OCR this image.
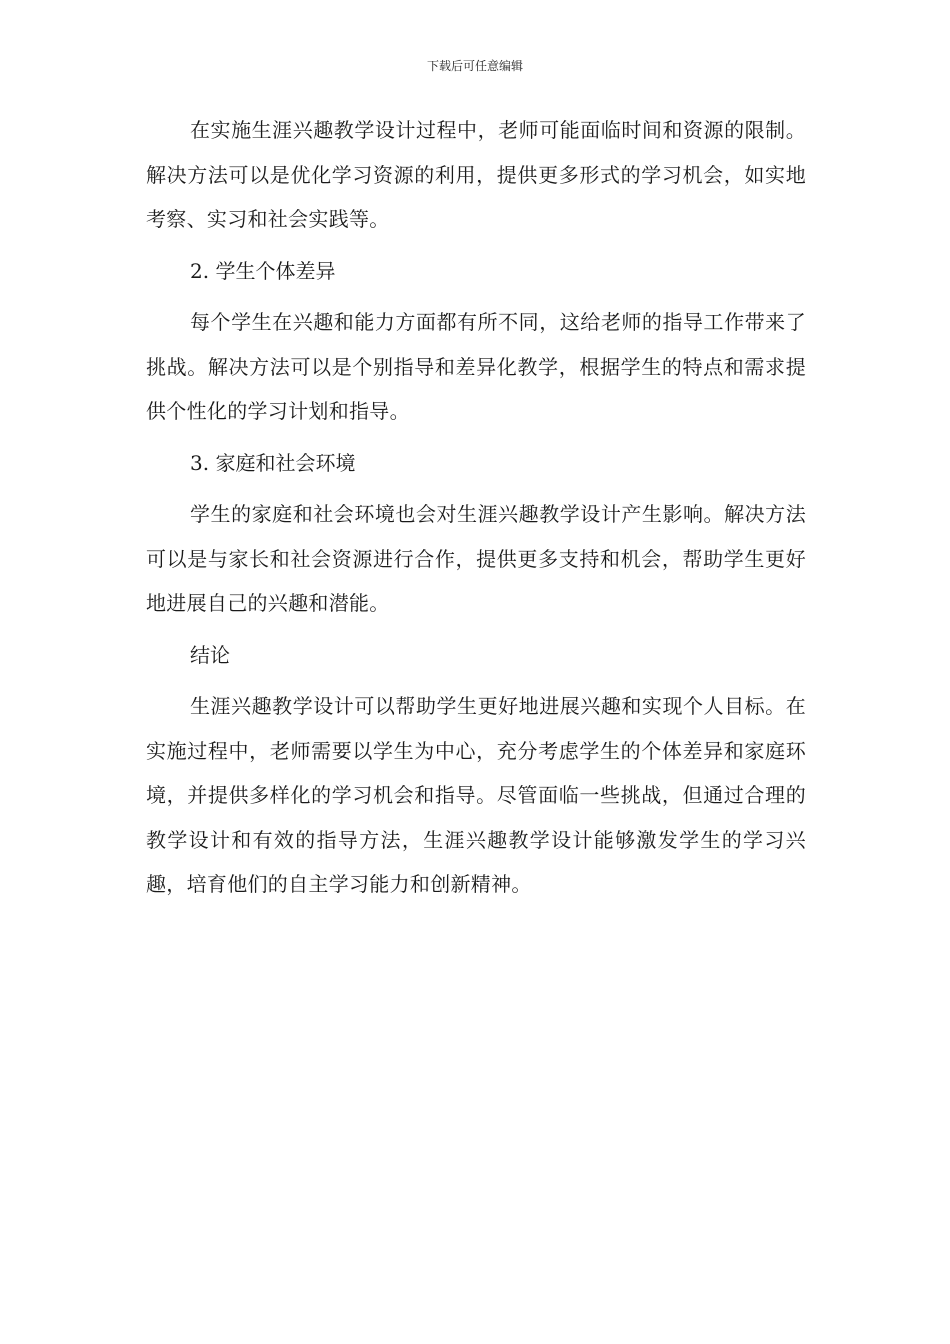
下载后可任意编辑

在实施生涯兴趣教学设计过程中，老师可能面临时间和资源的限制。解决方法可以是优化学习资源的利用，提供更多形式的学习机会，如实地考察、实习和社会实践等。

2. 学生个体差异

每个学生在兴趣和能力方面都有所不同，这给老师的指导工作带来了挑战。解决方法可以是个别指导和差异化教学，根据学生的特点和需求提供个性化的学习计划和指导。

3. 家庭和社会环境

学生的家庭和社会环境也会对生涯兴趣教学设计产生影响。解决方法可以是与家长和社会资源进行合作，提供更多支持和机会，帮助学生更好地进展自己的兴趣和潜能。

结论

生涯兴趣教学设计可以帮助学生更好地进展兴趣和实现个人目标。在实施过程中，老师需要以学生为中心，充分考虑学生的个体差异和家庭环境，并提供多样化的学习机会和指导。尽管面临一些挑战，但通过合理的教学设计和有效的指导方法，生涯兴趣教学设计能够激发学生的学习兴趣，培育他们的自主学习能力和创新精神。
